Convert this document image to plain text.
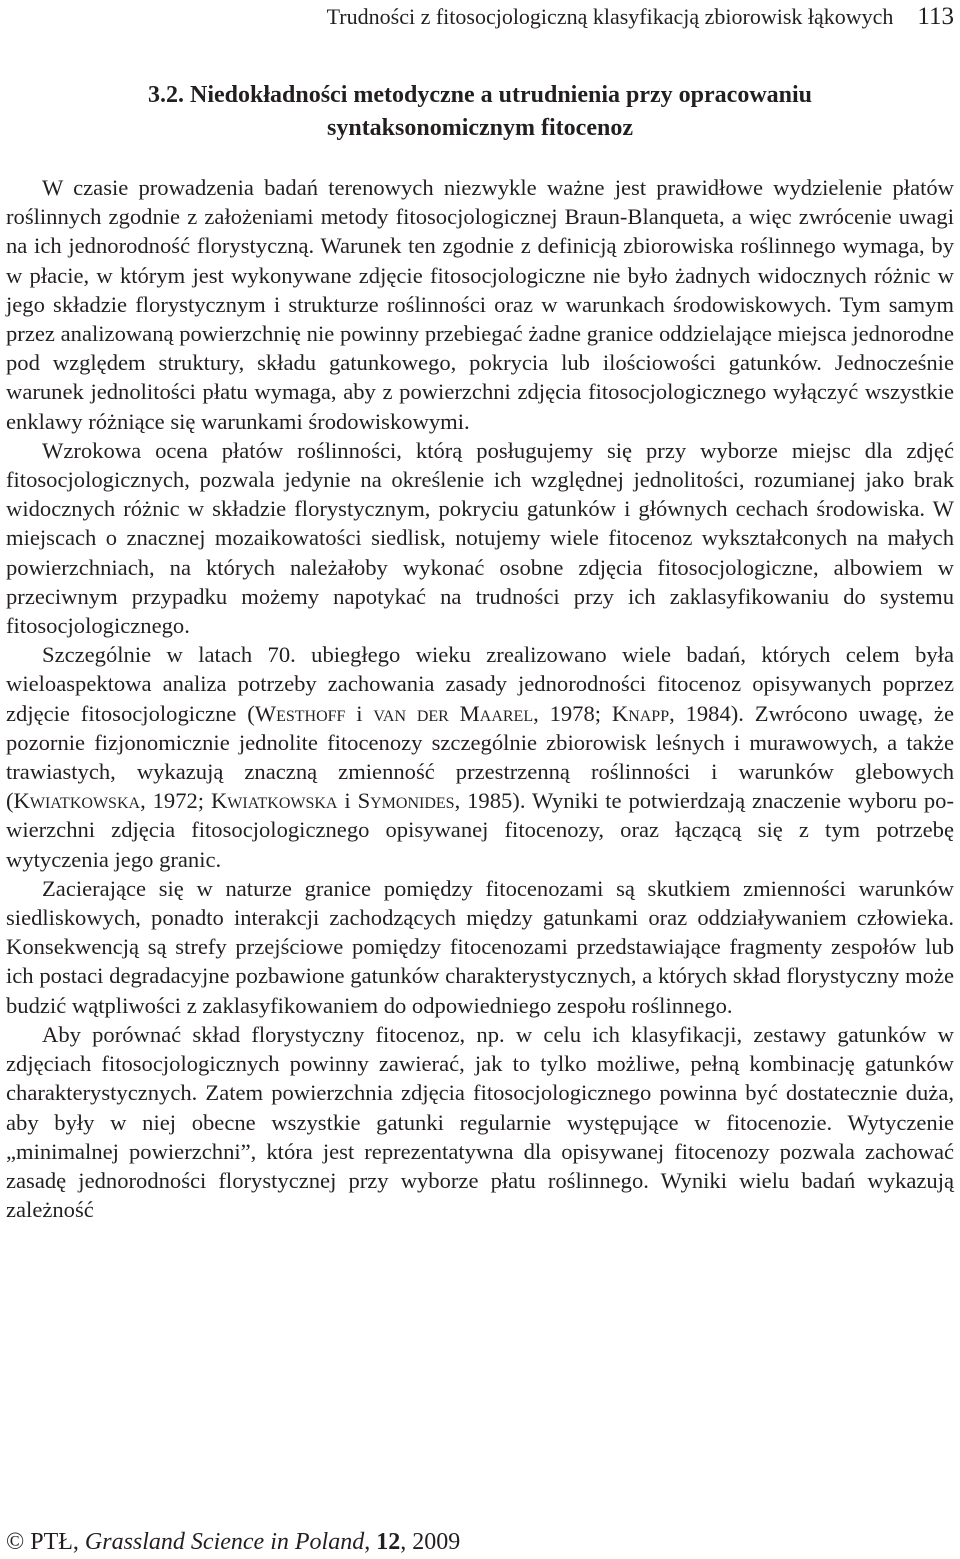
Trudności z fitosocjologiczną klasyfikacją zbiorowisk łąkowych 113
3.2. Niedokładności metodyczne a utrudnienia przy opracowaniu
syntaksonomicznym fitocenoz

W czasie prowadzenia badań terenowych niezwykle ważne jest prawidłowe wydzielenie płatów roślinnych zgodnie z założeniami metody fitosocjologicznej Braun-Blanqueta, a więc zwrócenie uwagi na ich jednorodność florystyczną. Warunek ten zgodnie z definicją zbiorowiska roślinnego wymaga, by w płacie, w którym jest wykonywane zdjęcie fitosocjologiczne nie było żadnych widocznych różnic w jego składzie florystycznym i strukturze roślinności oraz w warunkach środowiskowych. Tym samym przez analizowaną powierzchnię nie powinny przebiegać żadne granice oddzielające miejsca jednorodne pod względem struktury, składu gatunkowego, pokrycia lub ilościowości gatunków. Jednocześnie warunek jednolitości płatu wymaga, aby z powierzchni zdjęcia fitosocjologicznego wyłączyć wszystkie enklawy różniące się warunkami środowiskowymi.

Wzrokowa ocena płatów roślinności, którą posługujemy się przy wyborze miejsc dla zdjęć fitosocjologicznych, pozwala jedynie na określenie ich względnej jednolitości, rozumianej jako brak widocznych różnic w składzie florystycznym, pokryciu gatunków i głównych cechach środowiska. W miejscach o znacznej mozaikowatości siedlisk, notujemy wiele fitocenoz wykształconych na małych powierzchniach, na których należałoby wykonać osobne zdjęcia fitosocjologiczne, albowiem w przeciwnym przypadku możemy napotykać na trudności przy ich zaklasyfikowaniu do systemu fitosocjologicznego.

Szczególnie w latach 70. ubiegłego wieku zrealizowano wiele badań, których celem była wieloaspektowa analiza potrzeby zachowania zasady jednorodności fitocenoz opisywanych poprzez zdjęcie fitosocjologiczne (Westhoff i van der Maarel, 1978; Knapp, 1984). Zwrócono uwagę, że pozornie fizjonomicznie jednolite fitocenozy szczególnie zbiorowisk leśnych i murawowych, a także trawiastych, wykazują znaczną zmienność przestrzenną roślinności i warunków glebowych (Kwiatkowska, 1972; Kwiatkowska i Symonides, 1985). Wyniki te potwierdzają znaczenie wyboru powierzchni zdjęcia fitosocjologicznego opisywanej fitocenozy, oraz łączącą się z tym potrzebę wytyczenia jego granic.

Zacierające się w naturze granice pomiędzy fitocenozami są skutkiem zmienności warunków siedliskowych, ponadto interakcji zachodzących między gatunkami oraz oddziaływaniem człowieka. Konsekwencją są strefy przejściowe pomiędzy fitocenozami przedstawiające fragmenty zespołów lub ich postaci degradacyjne pozbawione gatunków charakterystycznych, a których skład florystyczny może budzić wątpliwości z zaklasyfikowaniem do odpowiedniego zespołu roślinnego.

Aby porównać skład florystyczny fitocenoz, np. w celu ich klasyfikacji, zestawy gatunków w zdjęciach fitosocjologicznych powinny zawierać, jak to tylko możliwe, pełną kombinację gatunków charakterystycznych. Zatem powierzchnia zdjęcia fitosocjologicznego powinna być dostatecznie duża, aby były w niej obecne wszystkie gatunki regularnie występujące w fitocenozie. Wytyczenie „minimalnej powierzchni”, która jest reprezentatywna dla opisywanej fitocenozy pozwala zachować zasadę jednorodności florystycznej przy wyborze płatu roślinnego. Wyniki wielu badań wykazują zależność

© PTŁ, Grassland Science in Poland, 12, 2009
